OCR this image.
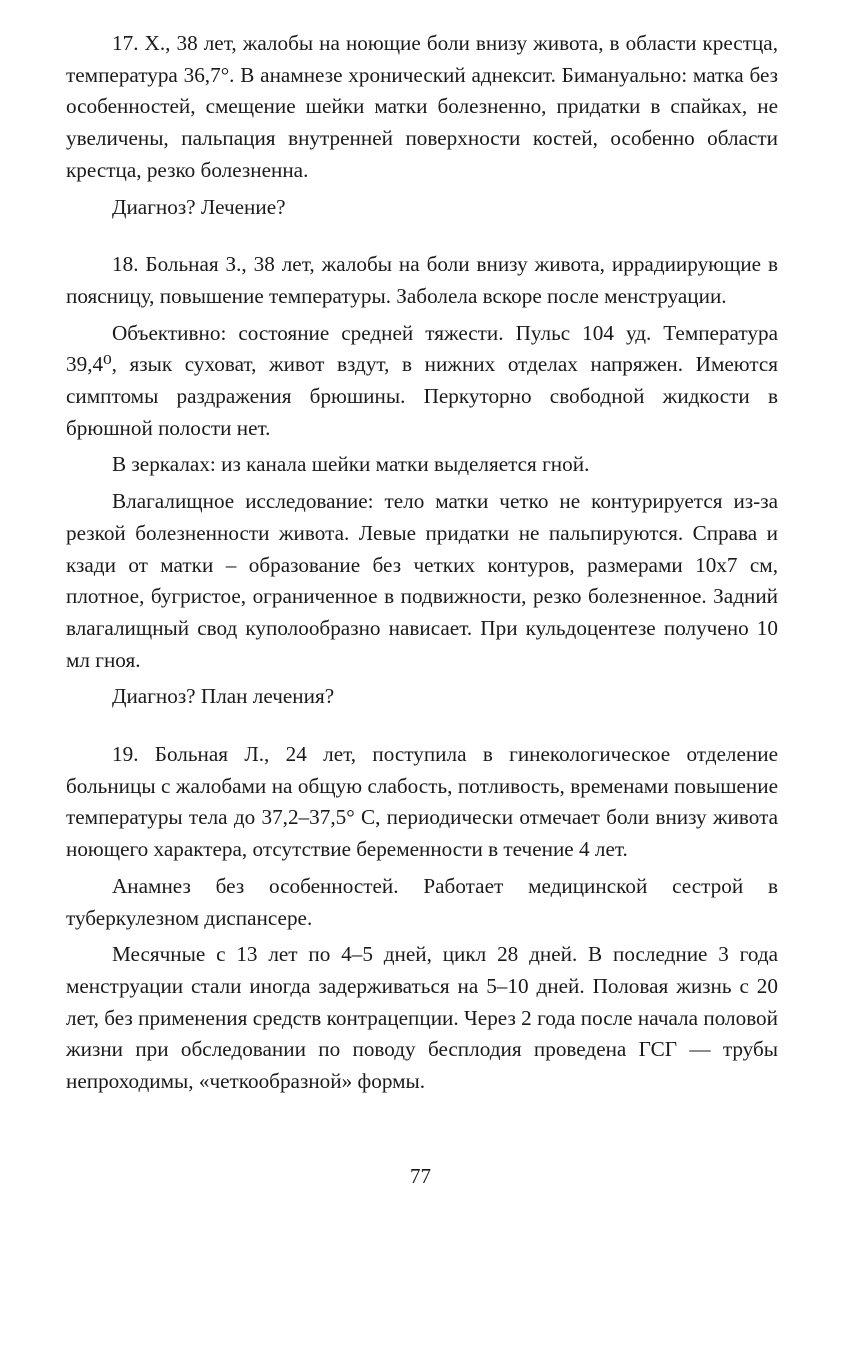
17. Х., 38 лет, жалобы на ноющие боли внизу живота, в области крестца, температура 36,7°. В анамнезе хронический аднексит. Бимануально: матка без особенностей, смещение шейки матки болезненно, придатки в спайках, не увеличены, пальпация внутренней поверхности костей, особенно области крестца, резко болезненна.

Диагноз? Лечение?

18. Больная З., 38 лет, жалобы на боли внизу живота, иррадиирующие в поясницу, повышение температуры. Заболела вскоре после менструации.

Объективно: состояние средней тяжести. Пульс 104 уд. Температура 39,4⁰, язык суховат, живот вздут, в нижних отделах напряжен. Имеются симптомы раздражения брюшины. Перкуторно свободной жидкости в брюшной полости нет.

В зеркалах: из канала шейки матки выделяется гной.

Влагалищное исследование: тело матки четко не контурируется из-за резкой болезненности живота. Левые придатки не пальпируются. Справа и кзади от матки – образование без четких контуров, размерами 10х7 см, плотное, бугристое, ограниченное в подвижности, резко болезненное. Задний влагалищный свод куполообразно нависает. При кульдоцентезе получено 10 мл гноя.

Диагноз? План лечения?

19. Больная Л., 24 лет, поступила в гинекологическое отделение больницы с жалобами на общую слабость, потливость, временами повышение температуры тела до 37,2–37,5° С, периодически отмечает боли внизу живота ноющего характера, отсутствие беременности в течение 4 лет.

Анамнез без особенностей. Работает медицинской сестрой в туберкулезном диспансере.

Месячные с 13 лет по 4–5 дней, цикл 28 дней. В последние 3 года менструации стали иногда задерживаться на 5–10 дней. Половая жизнь с 20 лет, без применения средств контрацепции. Через 2 года после начала половой жизни при обследовании по поводу бесплодия проведена ГСГ — трубы непроходимы, «четкообразной» формы.

77
